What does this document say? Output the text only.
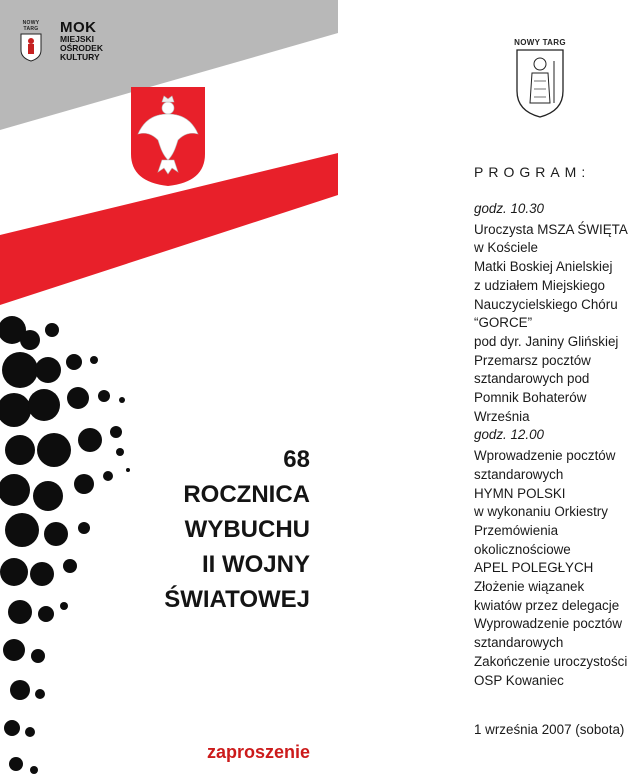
NOWY TARG	MOK
MIEJSKI
OŚRODEK
KULTURY
68
ROCZNICA
WYBUCHU
II WOJNY
ŚWIATOWEJ
zaproszenie
NOWY TARG
PROGRAM:
godz. 10.30
Uroczysta MSZA ŚWIĘTA
w Kościele
Matki Boskiej Anielskiej
z udziałem Miejskiego
Nauczycielskiego Chóru
“GORCE”
pod dyr. Janiny Glińskiej
Przemarsz pocztów
sztandarowych pod
Pomnik Bohaterów
Września
godz. 12.00
Wprowadzenie pocztów
sztandarowych
HYMN POLSKI
w wykonaniu Orkiestry
Przemówienia
okolicznościowe
APEL POLEGŁYCH
Złożenie wiązanek
kwiatów przez delegacje
Wyprowadzenie pocztów
sztandarowych
Zakończenie uroczystości
OSP Kowaniec
1 września 2007 (sobota)
